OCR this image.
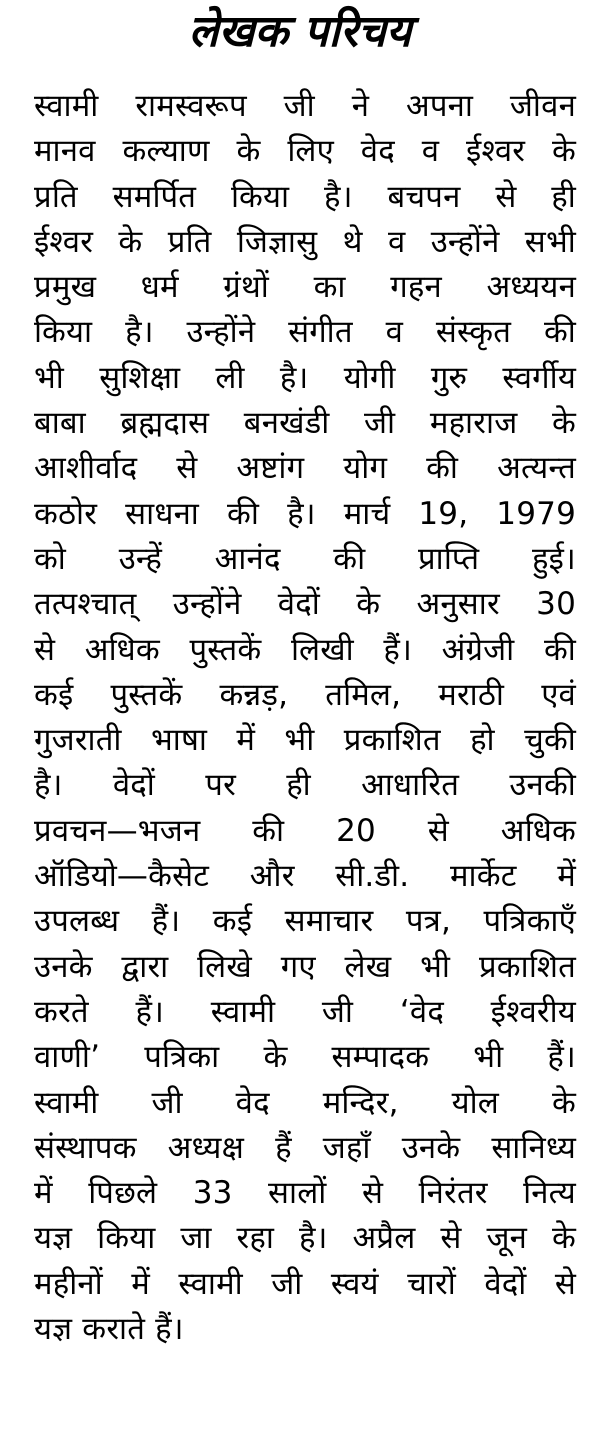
लेखक परिचय
स्वामी रामस्वरूप जी ने अपना जीवन
मानव कल्याण के लिए वेद व ईश्वर के
प्रति समर्पित किया है। बचपन से ही
ईश्वर के प्रति जिज्ञासु थे व उन्होंने सभी
प्रमुख धर्म ग्रंथों का गहन अध्ययन
किया है। उन्होंने संगीत व संस्कृत की
भी सुशिक्षा ली है। योगी गुरु स्वर्गीय
बाबा ब्रह्मदास बनखंडी जी महाराज के
आशीर्वाद से अष्टांग योग की अत्यन्त
कठोर साधना की है। मार्च 19, 1979
को उन्हें आनंद की प्राप्ति हुई।
तत्पश्चात् उन्होंने वेदों के अनुसार 30
से अधिक पुस्तकें लिखी हैं। अंग्रेजी की
कई पुस्तकें कन्नड़, तमिल, मराठी एवं
गुजराती भाषा में भी प्रकाशित हो चुकी
है। वेदों पर ही आधारित उनकी
प्रवचन—भजन की 20 से अधिक
ऑडियो—कैसेट और सी.डी. मार्केट में
उपलब्ध हैं। कई समाचार पत्र, पत्रिकाएँ
उनके द्वारा लिखे गए लेख भी प्रकाशित
करते हैं। स्वामी जी ‘वेद ईश्वरीय
वाणी’ पत्रिका के सम्पादक भी हैं।
स्वामी जी वेद मन्दिर, योल के
संस्थापक अध्यक्ष हैं जहाँ उनके सानिध्य
में पिछले 33 सालों से निरंतर नित्य
यज्ञ किया जा रहा है। अप्रैल से जून के
महीनों में स्वामी जी स्वयं चारों वेदों से
यज्ञ कराते हैं।
